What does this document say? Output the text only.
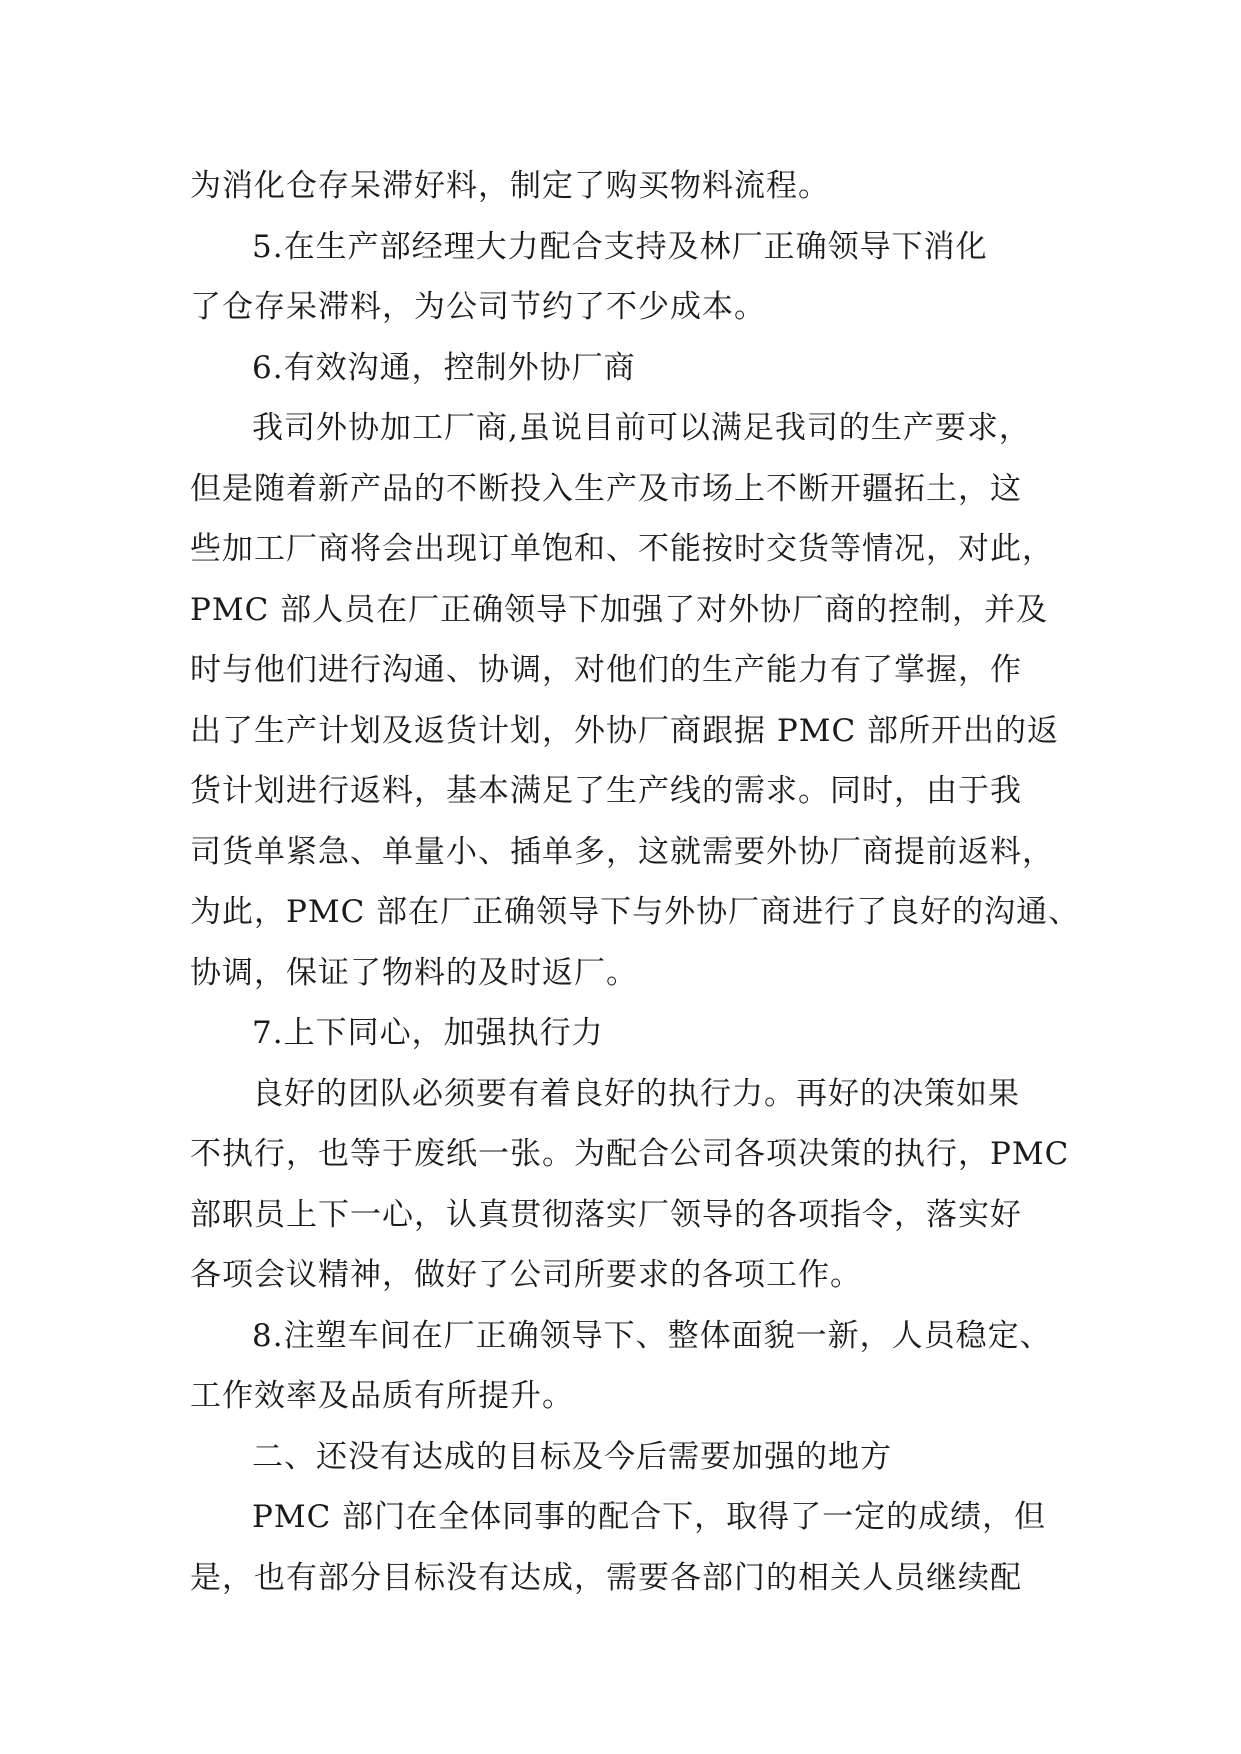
为消化仓存呆滞好料，制定了购买物料流程。
5.在生产部经理大力配合支持及林厂正确领导下消化
了仓存呆滞料，为公司节约了不少成本。
6.有效沟通，控制外协厂商
我司外协加工厂商,虽说目前可以满足我司的生产要求，
但是随着新产品的不断投入生产及市场上不断开疆拓土，这
些加工厂商将会出现订单饱和、不能按时交货等情况，对此，
PMC 部人员在厂正确领导下加强了对外协厂商的控制，并及
时与他们进行沟通、协调，对他们的生产能力有了掌握，作
出了生产计划及返货计划，外协厂商跟据 PMC 部所开出的返
货计划进行返料，基本满足了生产线的需求。同时，由于我
司货单紧急、单量小、插单多，这就需要外协厂商提前返料，
为此，PMC 部在厂正确领导下与外协厂商进行了良好的沟通、
协调，保证了物料的及时返厂。
7.上下同心，加强执行力
良好的团队必须要有着良好的执行力。再好的决策如果
不执行，也等于废纸一张。为配合公司各项决策的执行，PMC
部职员上下一心，认真贯彻落实厂领导的各项指令，落实好
各项会议精神，做好了公司所要求的各项工作。
8.注塑车间在厂正确领导下、整体面貌一新，人员稳定、
工作效率及品质有所提升。
二、还没有达成的目标及今后需要加强的地方
PMC 部门在全体同事的配合下，取得了一定的成绩，但
是，也有部分目标没有达成，需要各部门的相关人员继续配
